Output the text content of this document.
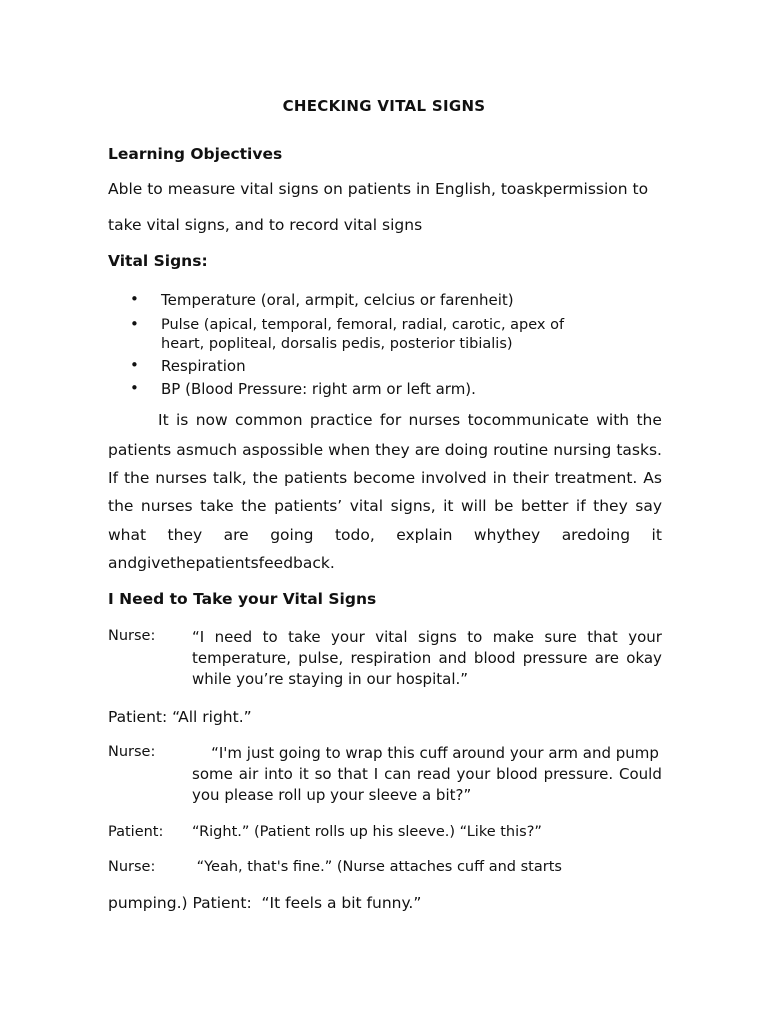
CHECKING VITAL SIGNS
Learning Objectives
Able to measure vital signs on patients in English, toaskpermission to
take vital signs, and to record vital signs
Vital Signs:
• Temperature (oral, armpit, celcius or farenheit)
• Pulse (apical, temporal, femoral, radial, carotic, apex of
heart, popliteal, dorsalis pedis, posterior tibialis)
• Respiration
• BP (Blood Pressure: right arm or left arm).
It is now common practice for nurses tocommunicate with the
patients asmuch aspossible when they are doing routine nursing tasks.
If the nurses talk, the patients become involved in their treatment. As
the nurses take the patients’ vital signs, it will be better if they say
what they are going todo, explain whythey aredoing it
andgivethepatientsfeedback.
I Need to Take your Vital Signs
Nurse: “I need to take your vital signs to make sure that your
temperature, pulse, respiration and blood pressure are okay
while you’re staying in our hospital.”
Patient: “All right.”
Nurse: “I'm just going to wrap this cuff around your arm and pump
some air into it so that I can read your blood pressure. Could
you please roll up your sleeve a bit?”
Patient: “Right.” (Patient rolls up his sleeve.) “Like this?”
Nurse:	“Yeah, that's fine.” (Nurse attaches cuff and starts
pumping.) Patient:  “It feels a bit funny.”
